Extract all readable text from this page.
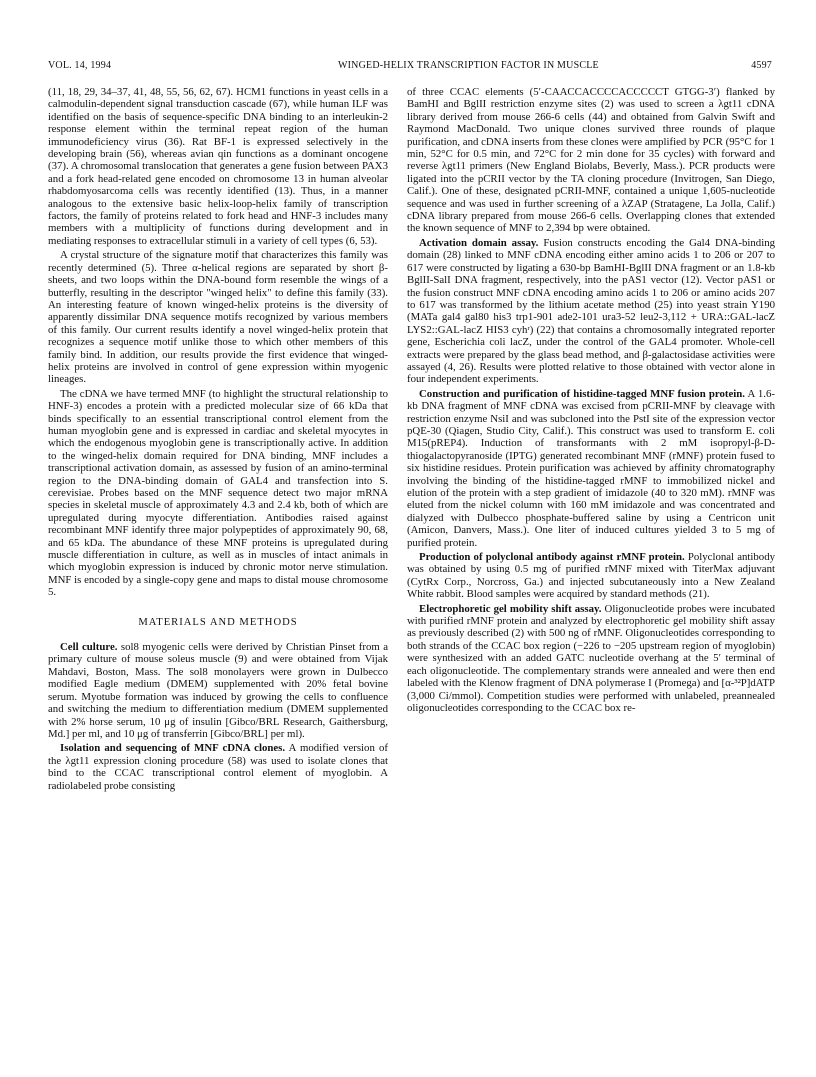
VOL. 14, 1994	WINGED-HELIX TRANSCRIPTION FACTOR IN MUSCLE	4597

(11, 18, 29, 34–37, 41, 48, 55, 56, 62, 67). HCM1 functions in yeast cells in a calmodulin-dependent signal transduction cascade (67), while human ILF was identified on the basis of sequence-specific DNA binding to an interleukin-2 response element within the terminal repeat region of the human immunodeficiency virus (36). Rat BF-1 is expressed selectively in the developing brain (56), whereas avian qin functions as a dominant oncogene (37). A chromosomal translocation that generates a gene fusion between PAX3 and a fork head-related gene encoded on chromosome 13 in human alveolar rhabdomyosarcoma cells was recently identified (13). Thus, in a manner analogous to the extensive basic helix-loop-helix family of transcription factors, the family of proteins related to fork head and HNF-3 includes many members with a multiplicity of functions during development and in mediating responses to extracellular stimuli in a variety of cell types (6, 53).

A crystal structure of the signature motif that characterizes this family was recently determined (5). Three α-helical regions are separated by short β-sheets, and two loops within the DNA-bound form resemble the wings of a butterfly, resulting in the descriptor "winged helix" to define this family (33). An interesting feature of known winged-helix proteins is the diversity of apparently dissimilar DNA sequence motifs recognized by various members of this family. Our current results identify a novel winged-helix protein that recognizes a sequence motif unlike those to which other members of this family bind. In addition, our results provide the first evidence that winged-helix proteins are involved in control of gene expression within myogenic lineages.

The cDNA we have termed MNF (to highlight the structural relationship to HNF-3) encodes a protein with a predicted molecular size of 66 kDa that binds specifically to an essential transcriptional control element from the human myoglobin gene and is expressed in cardiac and skeletal myocytes in which the endogenous myoglobin gene is transcriptionally active. In addition to the winged-helix domain required for DNA binding, MNF includes a transcriptional activation domain, as assessed by fusion of an amino-terminal region to the DNA-binding domain of GAL4 and transfection into S. cerevisiae. Probes based on the MNF sequence detect two major mRNA species in skeletal muscle of approximately 4.3 and 2.4 kb, both of which are upregulated during myocyte differentiation. Antibodies raised against recombinant MNF identify three major polypeptides of approximately 90, 68, and 65 kDa. The abundance of these MNF proteins is upregulated during muscle differentiation in culture, as well as in muscles of intact animals in which myoglobin expression is induced by chronic motor nerve stimulation. MNF is encoded by a single-copy gene and maps to distal mouse chromosome 5.

MATERIALS AND METHODS

Cell culture. sol8 myogenic cells were derived by Christian Pinset from a primary culture of mouse soleus muscle (9) and were obtained from Vijak Mahdavi, Boston, Mass. The sol8 monolayers were grown in Dulbecco modified Eagle medium (DMEM) supplemented with 20% fetal bovine serum. Myotube formation was induced by growing the cells to confluence and switching the medium to differentiation medium (DMEM supplemented with 2% horse serum, 10 μg of insulin [Gibco/BRL Research, Gaithersburg, Md.] per ml, and 10 μg of transferrin [Gibco/BRL] per ml).

Isolation and sequencing of MNF cDNA clones. A modified version of the λgt11 expression cloning procedure (58) was used to isolate clones that bind to the CCAC transcriptional control element of myoglobin. A radiolabeled probe consisting

of three CCAC elements (5′-CAACCACCCCACCCCCT GTGG-3′) flanked by BamHI and BglII restriction enzyme sites (2) was used to screen a λgt11 cDNA library derived from mouse 266-6 cells (44) and obtained from Galvin Swift and Raymond MacDonald. Two unique clones survived three rounds of plaque purification, and cDNA inserts from these clones were amplified by PCR (95°C for 1 min, 52°C for 0.5 min, and 72°C for 2 min done for 35 cycles) with forward and reverse λgt11 primers (New England Biolabs, Beverly, Mass.). PCR products were ligated into the pCRII vector by the TA cloning procedure (Invitrogen, San Diego, Calif.). One of these, designated pCRII-MNF, contained a unique 1,605-nucleotide sequence and was used in further screening of a λZAP (Stratagene, La Jolla, Calif.) cDNA library prepared from mouse 266-6 cells. Overlapping clones that extended the known sequence of MNF to 2,394 bp were obtained.

Activation domain assay. Fusion constructs encoding the Gal4 DNA-binding domain (28) linked to MNF cDNA encoding either amino acids 1 to 206 or 207 to 617 were constructed by ligating a 630-bp BamHI-BglII DNA fragment or an 1.8-kb BglII-SalI DNA fragment, respectively, into the pAS1 vector (12). Vector pAS1 or the fusion construct MNF cDNA encoding amino acids 1 to 206 or amino acids 207 to 617 was transformed by the lithium acetate method (25) into yeast strain Y190 (MATa gal4 gal80 his3 trp1-901 ade2-101 ura3-52 leu2-3,112 + URA::GAL-lacZ LYS2::GAL-lacZ HIS3 cyhʳ) (22) that contains a chromosomally integrated reporter gene, Escherichia coli lacZ, under the control of the GAL4 promoter. Whole-cell extracts were prepared by the glass bead method, and β-galactosidase activities were assayed (4, 26). Results were plotted relative to those obtained with vector alone in four independent experiments.

Construction and purification of histidine-tagged MNF fusion protein. A 1.6-kb DNA fragment of MNF cDNA was excised from pCRII-MNF by cleavage with restriction enzyme NsiI and was subcloned into the PstI site of the expression vector pQE-30 (Qiagen, Studio City, Calif.). This construct was used to transform E. coli M15(pREP4). Induction of transformants with 2 mM isopropyl-β-D-thiogalactopyranoside (IPTG) generated recombinant MNF (rMNF) protein fused to six histidine residues. Protein purification was achieved by affinity chromatography involving the binding of the histidine-tagged rMNF to immobilized nickel and elution of the protein with a step gradient of imidazole (40 to 320 mM). rMNF was eluted from the nickel column with 160 mM imidazole and was concentrated and dialyzed with Dulbecco phosphate-buffered saline by using a Centricon unit (Amicon, Danvers, Mass.). One liter of induced cultures yielded 3 to 5 mg of purified protein.

Production of polyclonal antibody against rMNF protein. Polyclonal antibody was obtained by using 0.5 mg of purified rMNF mixed with TiterMax adjuvant (CytRx Corp., Norcross, Ga.) and injected subcutaneously into a New Zealand White rabbit. Blood samples were acquired by standard methods (21).

Electrophoretic gel mobility shift assay. Oligonucleotide probes were incubated with purified rMNF protein and analyzed by electrophoretic gel mobility shift assay as previously described (2) with 500 ng of rMNF. Oligonucleotides corresponding to both strands of the CCAC box region (−226 to −205 upstream region of myoglobin) were synthesized with an added GATC nucleotide overhang at the 5′ terminal of each oligonucleotide. The complementary strands were annealed and were then end labeled with the Klenow fragment of DNA polymerase I (Promega) and [α-³²P]dATP (3,000 Ci/mmol). Competition studies were performed with unlabeled, preannealed oligonucleotides corresponding to the CCAC box re-
